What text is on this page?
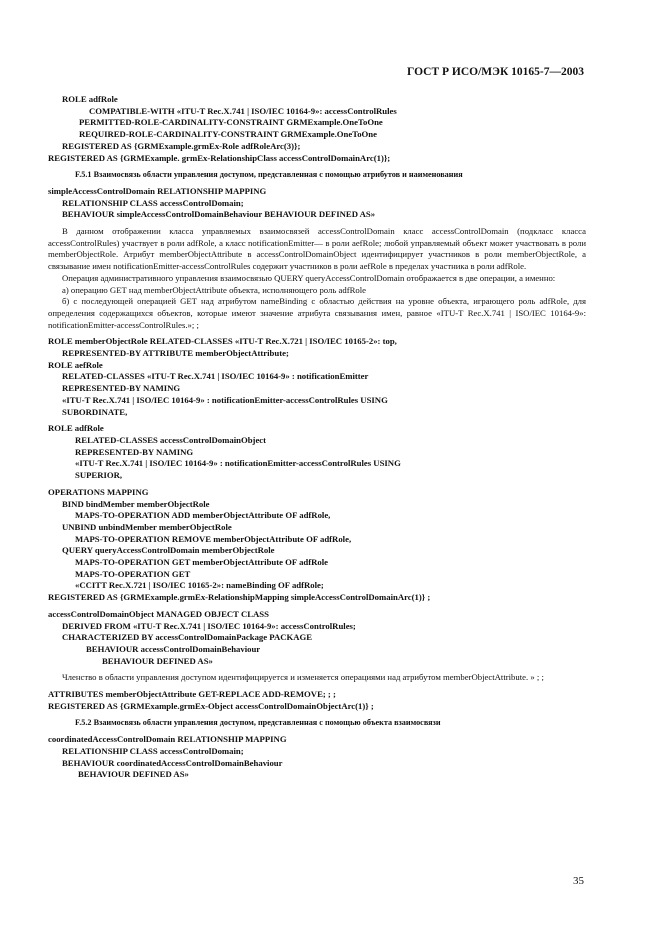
ГОСТ Р ИСО/МЭК 10165-7—2003
ROLE adfRole
COMPATIBLE-WITH «ITU-T Rec.X.741 | ISO/IEC 10164-9»: accessControlRules
PERMITTED-ROLE-CARDINALITY-CONSTRAINT GRMExample.OneToOne
REQUIRED-ROLE-CARDINALITY-CONSTRAINT GRMExample.OneToOne
REGISTERED AS {GRMExample.grmEx-Role adfRoleArc(3)};
REGISTERED AS {GRMExample. grmEx-RelationshipClass accessControlDomainArc(1)};
F.5.1 Взаимосвязь области управления доступом, представленная с помощью атрибутов и наименования
simpleAccessControlDomain RELATIONSHIP MAPPING
RELATIONSHIP CLASS accessControlDomain;
BEHAVIOUR simpleAccessControlDomainBehaviour BEHAVIOUR DEFINED AS»
В данном отображении класса управляемых взаимосвязей accessControlDomain класс accessControlDomain (подкласс класса accessControlRules) участвует в роли adfRole, а класс notificationEmitter— в роли aefRole; любой управляемый объект может участвовать в роли memberObjectRole. Атрибут memberObjectAttribute в accessControlDomainObject идентифицирует участников в роли memberObjectRole, а связывание имен notificationEmitter-accessControlRules содержит участников в роли aefRole в пределах участника в роли adfRole.
Операция административного управления взаимосвязью QUERY queryAccessControlDomain отображается в две операции, а именно:
а) операцию GET над memberObjectAttribute объекта, исполняющего роль adfRole
б) с последующей операцией GET над атрибутом nameBinding с областью действия на уровне объекта, играющего роль adfRole, для определения содержащихся объектов, которые имеют значение атрибута связывания имен, равное «ITU-T Rec.X.741 | ISO/IEC 10164-9»: notificationEmitter-accessControlRules.»; ;
ROLE memberObjectRole RELATED-CLASSES «ITU-T Rec.X.721 | ISO/IEC 10165-2»: top,
REPRESENTED-BY ATTRIBUTE memberObjectAttribute;
ROLE aefRole
RELATED-CLASSES «ITU-T Rec.X.741 | ISO/IEC 10164-9» : notificationEmitter
REPRESENTED-BY NAMING
«ITU-T Rec.X.741 | ISO/IEC 10164-9» : notificationEmitter-accessControlRules USING
SUBORDINATE,
ROLE adfRole
RELATED-CLASSES accessControlDomainObject
REPRESENTED-BY NAMING
«ITU-T Rec.X.741 | ISO/IEC 10164-9» : notificationEmitter-accessControlRules USING
SUPERIOR,
OPERATIONS MAPPING
BIND bindMember memberObjectRole
MAPS-TO-OPERATION ADD memberObjectAttribute OF adfRole,
UNBIND unbindMember memberObjectRole
MAPS-TO-OPERATION REMOVE memberObjectAttribute OF adfRole,
QUERY queryAccessControlDomain memberObjectRole
MAPS-TO-OPERATION GET memberObjectAttribute OF adfRole
MAPS-TO-OPERATION GET
«CCITT Rec.X.721 | ISO/IEC 10165-2»: nameBinding OF adfRole;
REGISTERED AS {GRMExample.grmEx-RelationshipMapping simpleAccessControlDomainArc(1)} ;
accessControlDomainObject MANAGED OBJECT CLASS
DERIVED FROM «ITU-T Rec.X.741 | ISO/IEC 10164-9»: accessControlRules;
CHARACTERIZED BY accessControlDomainPackage PACKAGE
BEHAVIOUR accessControlDomainBehaviour
BEHAVIOUR DEFINED AS»
Членство в области управления доступом идентифицируется и изменяется операциями над атрибутом memberObjectAttribute. » ; ;
ATTRIBUTES memberObjectAttribute GET-REPLACE ADD-REMOVE; ; ;
REGISTERED AS {GRMExample.grmEx-Object accessControlDomainObjectArc(1)} ;
F.5.2 Взаимосвязь области управления доступом, представленная с помощью объекта взаимосвязи
coordinatedAccessControlDomain RELATIONSHIP MAPPING
RELATIONSHIP CLASS accessControlDomain;
BEHAVIOUR coordinatedAccessControlDomainBehaviour
BEHAVIOUR DEFINED AS»
35
